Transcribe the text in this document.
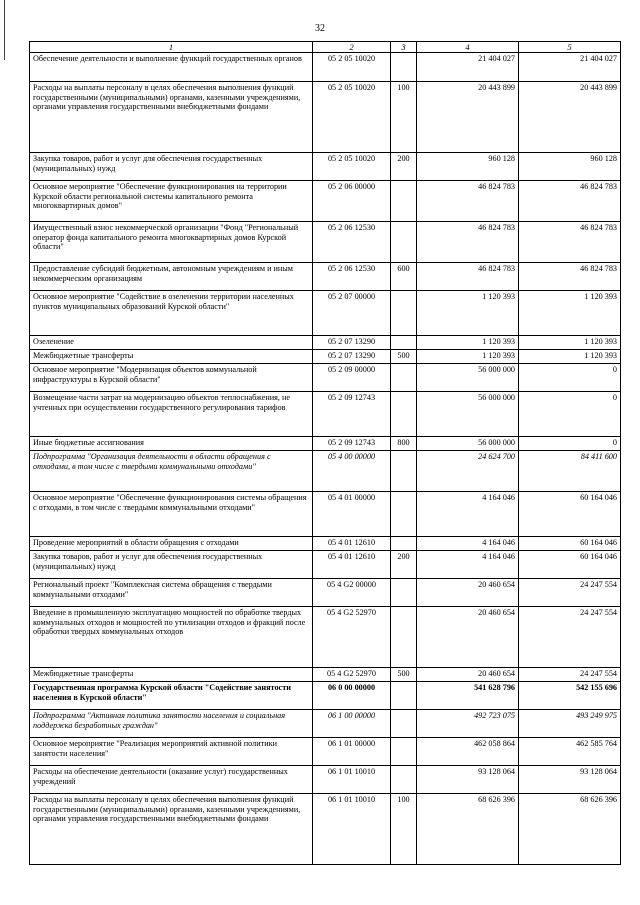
32
1	2	3	4	5
Обеспечение деятельности и выполнение функций государственных органов	05 2 05 10020		21 404 027	21 404 027
Расходы на выплаты персоналу в целях обеспечения выполнения функций государственными (муниципальными) органами, казенными учреждениями, органами управления государственными внебюджетными фондами	05 2 05 10020	100	20 443 899	20 443 899
Закупка товаров, работ и услуг для обеспечения государственных (муниципальных) нужд	05 2 05 10020	200	960 128	960 128
Основное мероприятие "Обеспечение функционирования на территории Курской области региональной системы капитального ремонта многоквартирных домов"	05 2 06 00000		46 824 783	46 824 783
Имущественный взнос некоммерческой организации "Фонд "Региональный оператор фонда капитального ремонта многоквартирных домов Курской области"	05 2 06 12530		46 824 783	46 824 783
Предоставление субсидий бюджетным, автономным учреждениям и иным некоммерческим организациям	05 2 06 12530	600	46 824 783	46 824 783
Основное мероприятие "Содействие в озеленении территории населенных пунктов муниципальных образований Курской области"	05 2 07 00000		1 120 393	1 120 393
Озеленение	05 2 07 13290		1 120 393	1 120 393
Межбюджетные трансферты	05 2 07 13290	500	1 120 393	1 120 393
Основное мероприятие "Модернизация объектов коммунальной инфраструктуры в Курской области"	05 2 09 00000		56 000 000	0
Возмещение части затрат на модернизацию объектов теплоснабжения, не учтенных при осуществлении государственного регулирования тарифов	05 2 09 12743		56 000 000	0
Иные бюджетные ассигнования	05 2 09 12743	800	56 000 000	0
Подпрограмма "Организация деятельности в области обращения с отходами, в том числе с твердыми коммунальными отходами"	05 4 00 00000		24 624 700	84 411 600
Основное мероприятие "Обеспечение функционирования системы обращения с отходами, в том числе с твердыми коммунальными отходами"	05 4 01 00000		4 164 046	60 164 046
Проведение мероприятий в области обращения с отходами	05 4 01 12610		4 164 046	60 164 046
Закупка товаров, работ и услуг для обеспечения государственных (муниципальных) нужд	05 4 01 12610	200	4 164 046	60 164 046
Региональный проект "Комплексная система обращения с твердыми коммунальными отходами"	05 4 G2 00000		20 460 654	24 247 554
Введение в промышленную эксплуатацию мощностей по обработке твердых коммунальных отходов и мощностей по утилизации отходов и фракций после обработки твердых коммунальных отходов	05 4 G2 52970		20 460 654	24 247 554
Межбюджетные трансферты	05 4 G2 52970	500	20 460 654	24 247 554
Государственная программа Курской области "Содействие занятости населения в Курской области"	06 0 00 00000		541 628 796	542 155 696
Подпрограмма "Активная политика занятости населения и социальная поддержка безработных граждан"	06 1 00 00000		492 723 075	493 249 975
Основное мероприятие "Реализация мероприятий активной политики занятости населения"	06 1 01 00000		462 058 864	462 585 764
Расходы на обеспечение деятельности (оказание услуг) государственных учреждений	06 1 01 10010		93 128 064	93 128 064
Расходы на выплаты персоналу в целях обеспечения выполнения функций государственными (муниципальными) органами, казенными учреждениями, органами управления государственными внебюджетными фондами	06 1 01 10010	100	68 626 396	68 626 396
